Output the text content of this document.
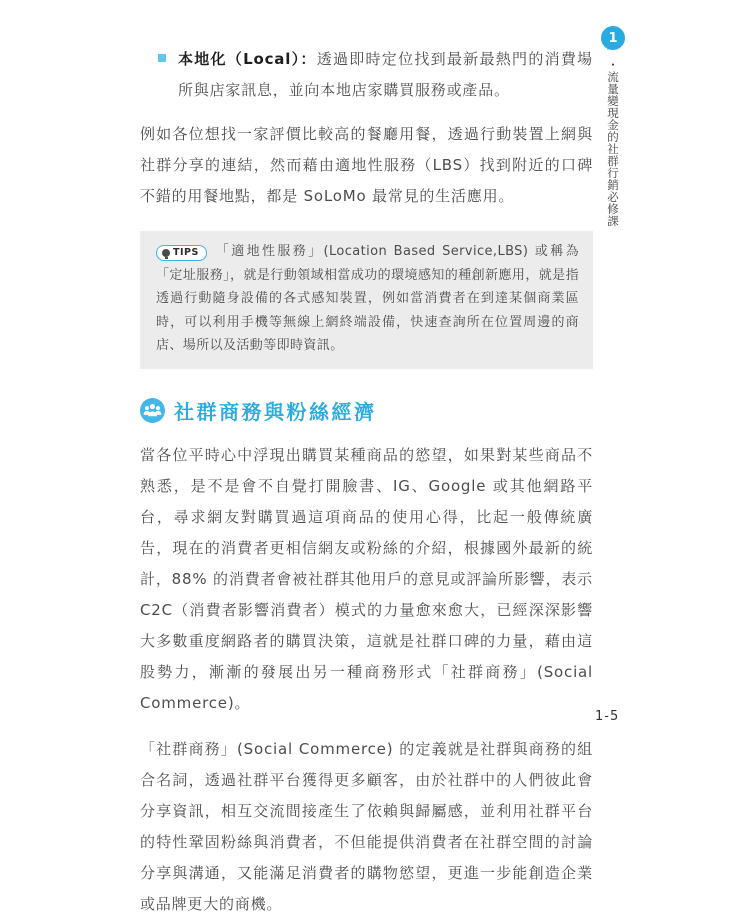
本地化（Local）：透過即時定位找到最新最熱門的消費場所與店家訊息，並向本地店家購買服務或產品。

例如各位想找一家評價比較高的餐廳用餐，透過行動裝置上網與社群分享的連結，然而藉由適地性服務（LBS）找到附近的口碑不錯的用餐地點，都是 SoLoMo 最常見的生活應用。

TIPS 「適地性服務」(Location Based Service,LBS) 或稱為「定址服務」，就是行動領域相當成功的環境感知的種創新應用，就是指透過行動隨身設備的各式感知裝置，例如當消費者在到達某個商業區時，可以利用手機等無線上網終端設備，快速查詢所在位置周邊的商店、場所以及活動等即時資訊。
社群商務與粉絲經濟

當各位平時心中浮現出購買某種商品的慾望，如果對某些商品不熟悉，是不是會不自覺打開臉書、IG、Google 或其他網路平台，尋求網友對購買過這項商品的使用心得，比起一般傳統廣告，現在的消費者更相信網友或粉絲的介紹，根據國外最新的統計，88% 的消費者會被社群其他用戶的意見或評論所影響，表示 C2C（消費者影響消費者）模式的力量愈來愈大，已經深深影響大多數重度網路者的購買決策，這就是社群口碑的力量，藉由這股勢力，漸漸的發展出另一種商務形式「社群商務」(Social Commerce)。

「社群商務」(Social Commerce) 的定義就是社群與商務的組合名詞，透過社群平台獲得更多顧客，由於社群中的人們彼此會分享資訊，相互交流間接產生了依賴與歸屬感，並利用社群平台的特性鞏固粉絲與消費者，不但能提供消費者在社群空間的討論分享與溝通，又能滿足消費者的購物慾望，更進一步能創造企業或品牌更大的商機。

1
・流量變現金的社群行銷必修課
1-5
